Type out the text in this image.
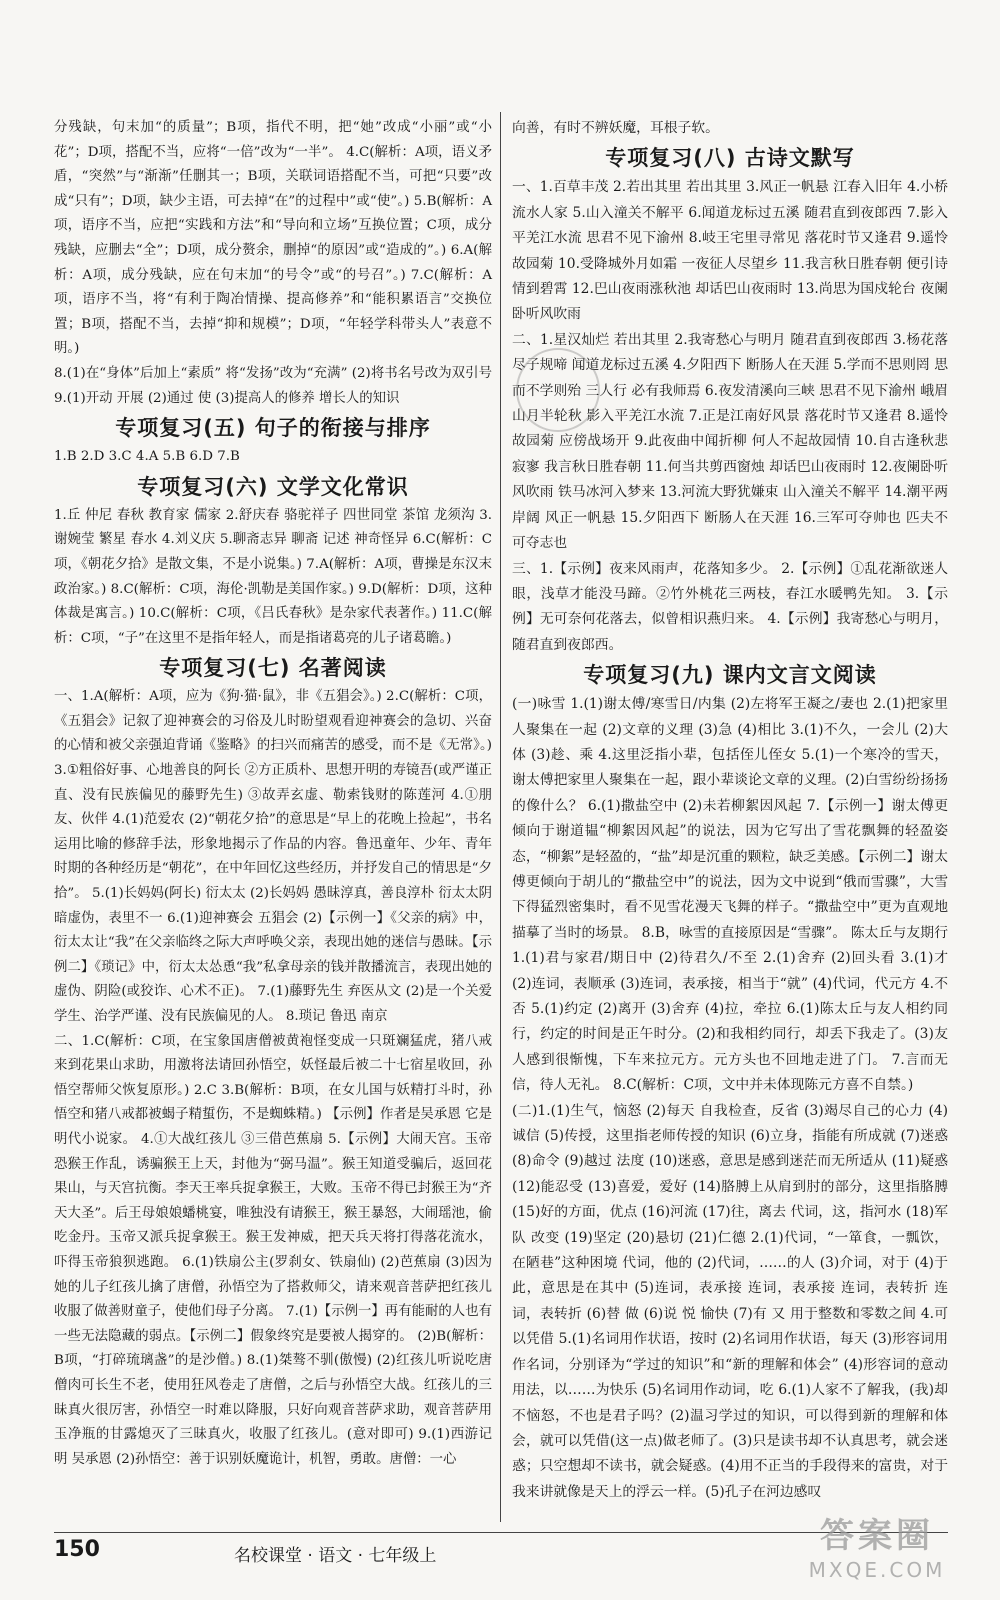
分残缺，句末加“的质量”；B项，指代不明，把“她”改成“小丽”或“小花”；D项，搭配不当，应将“一倍”改为“一半”。 4.C(解析：A项，语义矛盾，“突然”与“渐渐”任删其一；B项，关联词语搭配不当，可把“只要”改成“只有”；D项，缺少主语，可去掉“在”的过程中”或“使”。) 5.B(解析：A项，语序不当，应把“实践和方法”和“导向和立场”互换位置；C项，成分残缺，应删去“全”；D项，成分赘余，删掉“的原因”或“造成的”。) 6.A(解析：A项，成分残缺，应在句末加“的号令”或“的号召”。) 7.C(解析：A项，语序不当，将“有利于陶冶情操、提高修养”和“能积累语言”交换位置；B项，搭配不当，去掉“抑和规模”；D项，“年轻学科带头人”表意不明。)

8.(1)在“身体”后加上“素质” 将“发扬”改为“充满” (2)将书名号改为双引号 9.(1)开动 开展 (2)通过 使 (3)提高人的修养 增长人的知识

专项复习(五) 句子的衔接与排序

1.B 2.D 3.C 4.A 5.B 6.D 7.B

专项复习(六) 文学文化常识

1.丘 仲尼 春秋 教育家 儒家 2.舒庆春 骆驼祥子 四世同堂 茶馆 龙须沟 3.谢婉莹 繁星 春水 4.刘义庆 5.聊斋志异 聊斋 记述 神奇怪异 6.C(解析：C项，《朝花夕拾》是散文集，不是小说集。) 7.A(解析：A项，曹操是东汉末政治家。) 8.C(解析：C项，海伦·凯勒是美国作家。) 9.D(解析：D项，这种体裁是寓言。) 10.C(解析：C项，《吕氏春秋》是杂家代表著作。) 11.C(解析：C项，“子”在这里不是指年轻人，而是指诸葛亮的儿子诸葛瞻。)

专项复习(七) 名著阅读

一、1.A(解析：A项，应为《狗·猫·鼠》，非《五猖会》。) 2.C(解析：C项，《五猖会》记叙了迎神赛会的习俗及儿时盼望观看迎神赛会的急切、兴奋的心情和被父亲强迫背诵《鉴略》的扫兴而痛苦的感受，而不是《无常》。) 3.①粗俗好事、心地善良的阿长 ②方正质朴、思想开明的寿镜吾(或严谨正直、没有民族偏见的藤野先生) ③故弄玄虚、勒索钱财的陈莲河 4.①朋友、伙伴 4.(1)范爱农 (2)“朝花夕拾”的意思是“早上的花晚上捡起”，书名运用比喻的修辞手法，形象地揭示了作品的内容。鲁迅童年、少年、青年时期的各种经历是“朝花”，在中年回忆这些经历，并抒发自己的情思是“夕拾”。 5.(1)长妈妈(阿长) 衍太太 (2)长妈妈 愚昧淳真，善良淳朴 衍太太阴暗虚伪，表里不一 6.(1)迎神赛会 五猖会 (2)【示例一】《父亲的病》中，衍太太让“我”在父亲临终之际大声呼唤父亲，表现出她的迷信与愚昧。【示例二】《琐记》中，衍太太怂恿“我”私拿母亲的钱并散播流言，表现出她的虚伪、阴险(或狡诈、心术不正)。 7.(1)藤野先生 弃医从文 (2)是一个关爱学生、治学严谨、没有民族偏见的人。 8.琐记 鲁迅 南京

二、1.C(解析：C项，在宝象国唐僧被黄袍怪变成一只斑斓猛虎，猪八戒来到花果山求助，用激将法请回孙悟空，妖怪最后被二十七宿星收回，孙悟空帮师父恢复原形。) 2.C 3.B(解析：B项，在女儿国与妖精打斗时，孙悟空和猪八戒都被蝎子精蜇伤，不是蜘蛛精。) 【示例】作者是吴承恩 它是明代小说家。 4.①大战红孩儿 ③三借芭蕉扇 5.【示例】大闹天宫。玉帝恐猴王作乱，诱骗猴王上天，封他为“弼马温”。猴王知道受骗后，返回花果山，与天宫抗衡。李天王率兵捉拿猴王，大败。玉帝不得已封猴王为“齐天大圣”。后王母娘娘蟠桃宴，唯独没有请猴王，猴王暴怒，大闹瑶池，偷吃金丹。玉帝又派兵捉拿猴王。猴王发神威，把天兵天将打得落花流水，吓得玉帝狼狈逃跑。 6.(1)铁扇公主(罗刹女、铁扇仙) (2)芭蕉扇 (3)因为她的儿子红孩儿擒了唐僧，孙悟空为了搭救师父，请来观音菩萨把红孩儿收服了做善财童子，使他们母子分离。 7.(1)【示例一】再有能耐的人也有一些无法隐藏的弱点。【示例二】假象终究是要被人揭穿的。 (2)B(解析：B项，“打碎琉璃盏”的是沙僧。) 8.(1)桀骜不驯(傲慢) (2)红孩儿听说吃唐僧肉可长生不老，使用狂风卷走了唐僧，之后与孙悟空大战。红孩儿的三昧真火很厉害，孙悟空一时难以降服，只好向观音菩萨求助，观音菩萨用玉净瓶的甘露熄灭了三昧真火，收服了红孩儿。(意对即可) 9.(1)西游记 明 吴承恩 (2)孙悟空：善于识别妖魔诡计，机智，勇敢。唐僧：一心

向善，有时不辨妖魔，耳根子软。

专项复习(八) 古诗文默写

一、1.百草丰茂 2.若出其里 若出其里 3.风正一帆悬 江春入旧年 4.小桥流水人家 5.山入潼关不解平 6.闻道龙标过五溪 随君直到夜郎西 7.影入平羌江水流 思君不见下渝州 8.岐王宅里寻常见 落花时节又逢君 9.遥怜故园菊 10.受降城外月如霜 一夜征人尽望乡 11.我言秋日胜春朝 便引诗情到碧霄 12.巴山夜雨涨秋池 却话巴山夜雨时 13.尚思为国戍轮台 夜阑卧听风吹雨

二、1.星汉灿烂 若出其里 2.我寄愁心与明月 随君直到夜郎西 3.杨花落尽子规啼 闻道龙标过五溪 4.夕阳西下 断肠人在天涯 5.学而不思则罔 思而不学则殆 三人行 必有我师焉 6.夜发清溪向三峡 思君不见下渝州 峨眉山月半轮秋 影入平羌江水流 7.正是江南好风景 落花时节又逢君 8.遥怜故园菊 应傍战场开 9.此夜曲中闻折柳 何人不起故园情 10.自古逢秋悲寂寥 我言秋日胜春朝 11.何当共剪西窗烛 却话巴山夜雨时 12.夜阑卧听风吹雨 铁马冰河入梦来 13.河流大野犹嫌束 山入潼关不解平 14.潮平两岸阔 风正一帆悬 15.夕阳西下 断肠人在天涯 16.三军可夺帅也 匹夫不可夺志也

三、1.【示例】夜来风雨声，花落知多少。 2.【示例】①乱花渐欲迷人眼，浅草才能没马蹄。②竹外桃花三两枝，春江水暖鸭先知。 3.【示例】无可奈何花落去，似曾相识燕归来。 4.【示例】我寄愁心与明月，随君直到夜郎西。

专项复习(九) 课内文言文阅读

(一)咏雪 1.(1)谢太傅/寒雪日/内集 (2)左将军王凝之/妻也 2.(1)把家里人聚集在一起 (2)文章的义理 (3)急 (4)相比 3.(1)不久，一会儿 (2)大体 (3)趁、乘 4.这里泛指小辈，包括侄儿侄女 5.(1)一个寒冷的雪天，谢太傅把家里人聚集在一起，跟小辈谈论文章的义理。(2)白雪纷纷扬扬的像什么？ 6.(1)撒盐空中 (2)未若柳絮因风起 7.【示例一】谢太傅更倾向于谢道韫“柳絮因风起”的说法，因为它写出了雪花飘舞的轻盈姿态，“柳絮”是轻盈的，“盐”却是沉重的颗粒，缺乏美感。【示例二】谢太傅更倾向于胡儿的“撒盐空中”的说法，因为文中说到“俄而雪骤”，大雪下得猛烈密集时，看不见雪花漫天飞舞的样子。“撒盐空中”更为直观地描摹了当时的场景。 8.B，咏雪的直接原因是“雪骤”。 陈太丘与友期行 1.(1)君与家君/期日中 (2)待君久/不至 2.(1)舍弃 (2)回头看 3.(1)才 (2)连词，表顺承 (3)连词，表承接，相当于“就” (4)代词，代元方 4.不 否 5.(1)约定 (2)离开 (3)舍弃 (4)拉，牵拉 6.(1)陈太丘与友人相约同行，约定的时间是正午时分。(2)和我相约同行，却丢下我走了。(3)友人感到很惭愧，下车来拉元方。元方头也不回地走进了门。 7.言而无信，待人无礼。 8.C(解析：C项，文中并未体现陈元方喜不自禁。)

(二)1.(1)生气，恼怒 (2)每天 自我检查，反省 (3)竭尽自己的心力 (4)诚信 (5)传授，这里指老师传授的知识 (6)立身，指能有所成就 (7)迷惑 (8)命令 (9)越过 法度 (10)迷惑，意思是感到迷茫而无所适从 (11)疑惑 (12)能忍受 (13)喜爱，爱好 (14)胳膊上从肩到肘的部分，这里指胳膊 (15)好的方面，优点 (16)河流 (17)往，离去 代词，这，指河水 (18)军队 改变 (19)坚定 (20)悬切 (21)仁德 2.(1)代词，“一箪食，一瓢饮，在陋巷”这种困境 代词，他的 (2)代词，……的人 (3)介词，对于 (4)于此，意思是在其中 (5)连词，表承接 连词，表承接 连词，表转折 连词，表转折 (6)替 做 (6)说 悦 愉快 (7)有 又 用于整数和零数之间 4.可以凭借 5.(1)名词用作状语，按时 (2)名词用作状语，每天 (3)形容词用作名词，分别译为“学过的知识”和“新的理解和体会” (4)形容词的意动用法，以……为快乐 (5)名词用作动词，吃 6.(1)人家不了解我，(我)却不恼怒，不也是君子吗？(2)温习学过的知识，可以得到新的理解和体会，就可以凭借(这一点)做老师了。(3)只是读书却不认真思考，就会迷惑；只空想却不读书，就会疑惑。(4)用不正当的手段得来的富贵，对于我来讲就像是天上的浮云一样。(5)孔子在河边感叹

150	名校课堂 · 语文 · 七年级上	答案圈
MXQE.COM
